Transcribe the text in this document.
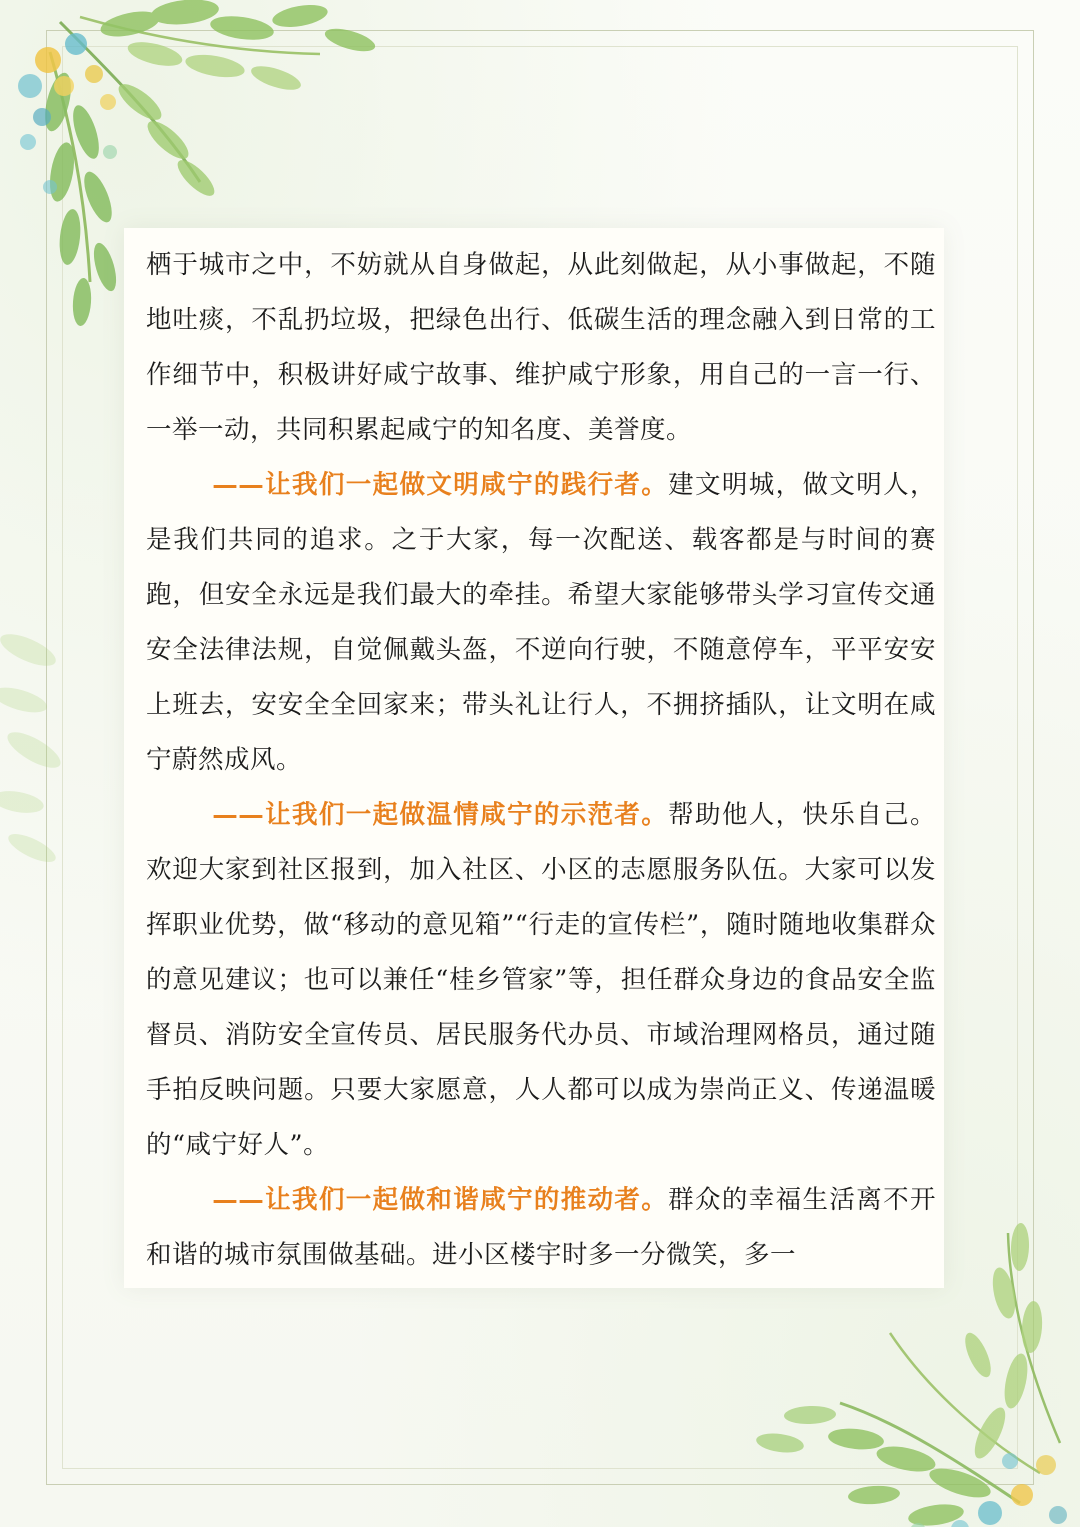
栖于城市之中，不妨就从自身做起，从此刻做起，从小事做起，不随地吐痰，不乱扔垃圾，把绿色出行、低碳生活的理念融入到日常的工作细节中，积极讲好咸宁故事、维护咸宁形象，用自己的一言一行、一举一动，共同积累起咸宁的知名度、美誉度。

——让我们一起做文明咸宁的践行者。建文明城，做文明人，是我们共同的追求。之于大家，每一次配送、载客都是与时间的赛跑，但安全永远是我们最大的牵挂。希望大家能够带头学习宣传交通安全法律法规，自觉佩戴头盔，不逆向行驶，不随意停车，平平安安上班去，安安全全回家来；带头礼让行人，不拥挤插队，让文明在咸宁蔚然成风。

——让我们一起做温情咸宁的示范者。帮助他人，快乐自己。欢迎大家到社区报到，加入社区、小区的志愿服务队伍。大家可以发挥职业优势，做“移动的意见箱”“行走的宣传栏”，随时随地收集群众的意见建议；也可以兼任“桂乡管家”等，担任群众身边的食品安全监督员、消防安全宣传员、居民服务代办员、市域治理网格员，通过随手拍反映问题。只要大家愿意，人人都可以成为崇尚正义、传递温暖的“咸宁好人”。

——让我们一起做和谐咸宁的推动者。群众的幸福生活离不开和谐的城市氛围做基础。进小区楼宇时多一分微笑，多一
